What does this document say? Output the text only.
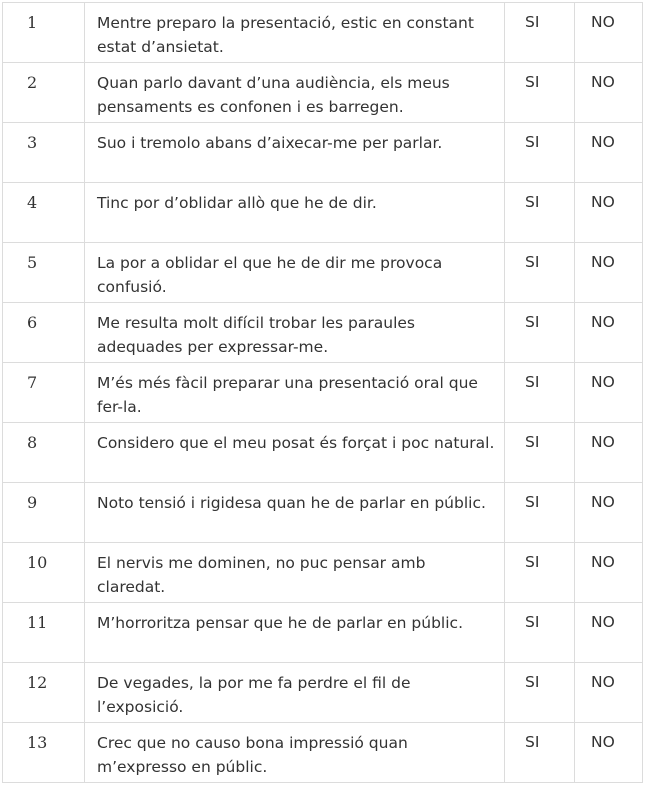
1	Mentre preparo la presentació, estic en constant estat d’ansietat.	SI	NO
2	Quan parlo davant d’una audiència, els meus pensaments es confonen i es barregen.	SI	NO
3	Suo i tremolo abans d’aixecar-me per parlar.	SI	NO
4	Tinc por d’oblidar allò que he de dir.	SI	NO
5	La por a oblidar el que he de dir me provoca confusió.	SI	NO
6	Me resulta molt difícil trobar les paraules adequades per expressar-me.	SI	NO
7	M’és més fàcil preparar una presentació oral que fer-la.	SI	NO
8	Considero que el meu posat és forçat i poc natural.	SI	NO
9	Noto tensió i rigidesa quan he de parlar en públic.	SI	NO
10	El nervis me dominen, no puc pensar amb claredat.	SI	NO
11	M’horroritza pensar que he de parlar en públic.	SI	NO
12	De vegades, la por me fa perdre el fil de l’exposició.	SI	NO
13	Crec que no causo bona impressió quan m’expresso en públic.	SI	NO
